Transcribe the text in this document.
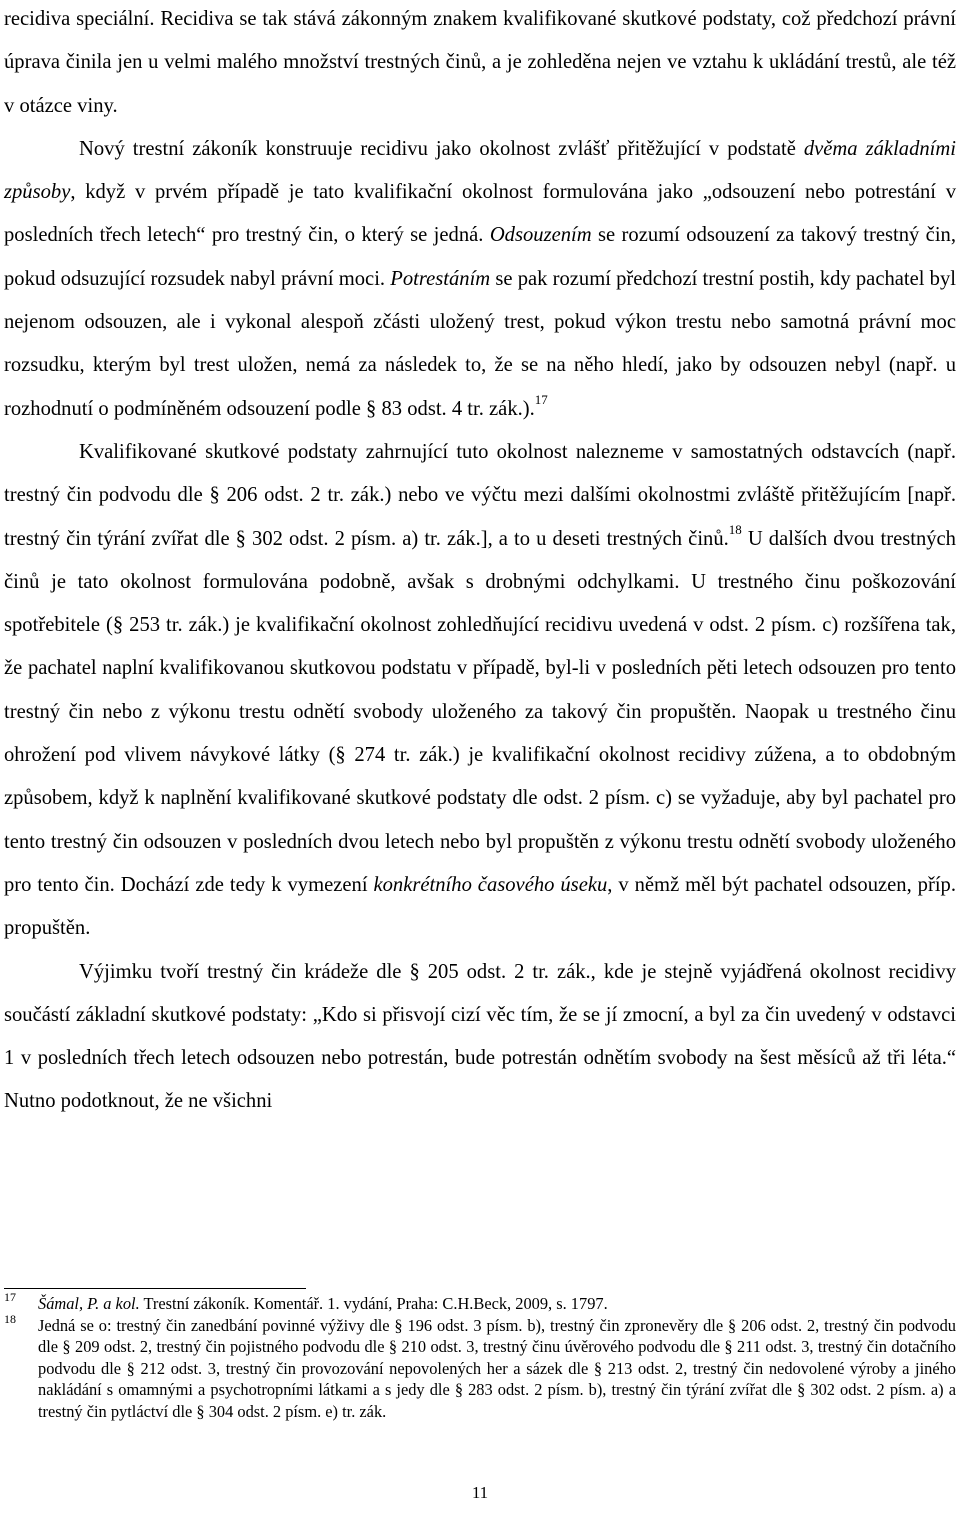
recidiva speciální. Recidiva se tak stává zákonným znakem kvalifikované skutkové podstaty, což předchozí právní úprava činila jen u velmi malého množství trestných činů, a je zohleděna nejen ve vztahu k ukládání trestů, ale též v otázce viny.

Nový trestní zákoník konstruuje recidivu jako okolnost zvlášť přitěžující v podstatě dvěma základními způsoby, když v prvém případě je tato kvalifikační okolnost formulována jako „odsouzení nebo potrestání v posledních třech letech“ pro trestný čin, o který se jedná. Odsouzením se rozumí odsouzení za takový trestný čin, pokud odsuzující rozsudek nabyl právní moci. Potrestáním se pak rozumí předchozí trestní postih, kdy pachatel byl nejenom odsouzen, ale i vykonal alespoň zčásti uložený trest, pokud výkon trestu nebo samotná právní moc rozsudku, kterým byl trest uložen, nemá za následek to, že se na něho hledí, jako by odsouzen nebyl (např. u rozhodnutí o podmíněném odsouzení podle § 83 odst. 4 tr. zák.).$^{17}$

Kvalifikované skutkové podstaty zahrnující tuto okolnost nalezneme v samostatných odstavcích (např. trestný čin podvodu dle § 206 odst. 2 tr. zák.) nebo ve výčtu mezi dalšími okolnostmi zvláště přitěžujícím [např. trestný čin týrání zvířat dle § 302 odst. 2 písm. a) tr. zák.], a to u deseti trestných činů.$^{18}$ U dalších dvou trestných činů je tato okolnost formulována podobně, avšak s drobnými odchylkami. U trestného činu poškozování spotřebitele (§ 253 tr. zák.) je kvalifikační okolnost zohledňující recidivu uvedená v odst. 2 písm. c) rozšířena tak, že pachatel naplní kvalifikovanou skutkovou podstatu v případě, byl-li v posledních pěti letech odsouzen pro tento trestný čin nebo z výkonu trestu odnětí svobody uloženého za takový čin propuštěn. Naopak u trestného činu ohrožení pod vlivem návykové látky (§ 274 tr. zák.) je kvalifikační okolnost recidivy zúžena, a to obdobným způsobem, když k naplnění kvalifikované skutkové podstaty dle odst. 2 písm. c) se vyžaduje, aby byl pachatel pro tento trestný čin odsouzen v posledních dvou letech nebo byl propuštěn z výkonu trestu odnětí svobody uloženého pro tento čin. Dochází zde tedy k vymezení konkrétního časového úseku, v němž měl být pachatel odsouzen, příp. propuštěn.

Výjimku tvoří trestný čin krádeže dle § 205 odst. 2 tr. zák., kde je stejně vyjádřená okolnost recidivy součástí základní skutkové podstaty: „Kdo si přisvojí cizí věc tím, že se jí zmocní, a byl za čin uvedený v odstavci 1 v posledních třech letech odsouzen nebo potrestán, bude potrestán odnětím svobody na šest měsíců až tři léta.“ Nutno podotknout, že ne všichni

17 Šámal, P. a kol. Trestní zákoník. Komentář. 1. vydání, Praha: C.H.Beck, 2009, s. 1797.
18 Jedná se o: trestný čin zanedbání povinné výživy dle § 196 odst. 3 písm. b), trestný čin zpronevěry dle § 206 odst. 2, trestný čin podvodu dle § 209 odst. 2, trestný čin pojistného podvodu dle § 210 odst. 3, trestný činu úvěrového podvodu dle § 211 odst. 3, trestný čin dotačního podvodu dle § 212 odst. 3, trestný čin provozování nepovolených her a sázek dle § 213 odst. 2, trestný čin nedovolené výroby a jiného nakládání s omamnými a psychotropními látkami a s jedy dle § 283 odst. 2 písm. b), trestný čin týrání zvířat dle § 302 odst. 2 písm. a) a trestný čin pytláctví dle § 304 odst. 2 písm. e) tr. zák.
11
